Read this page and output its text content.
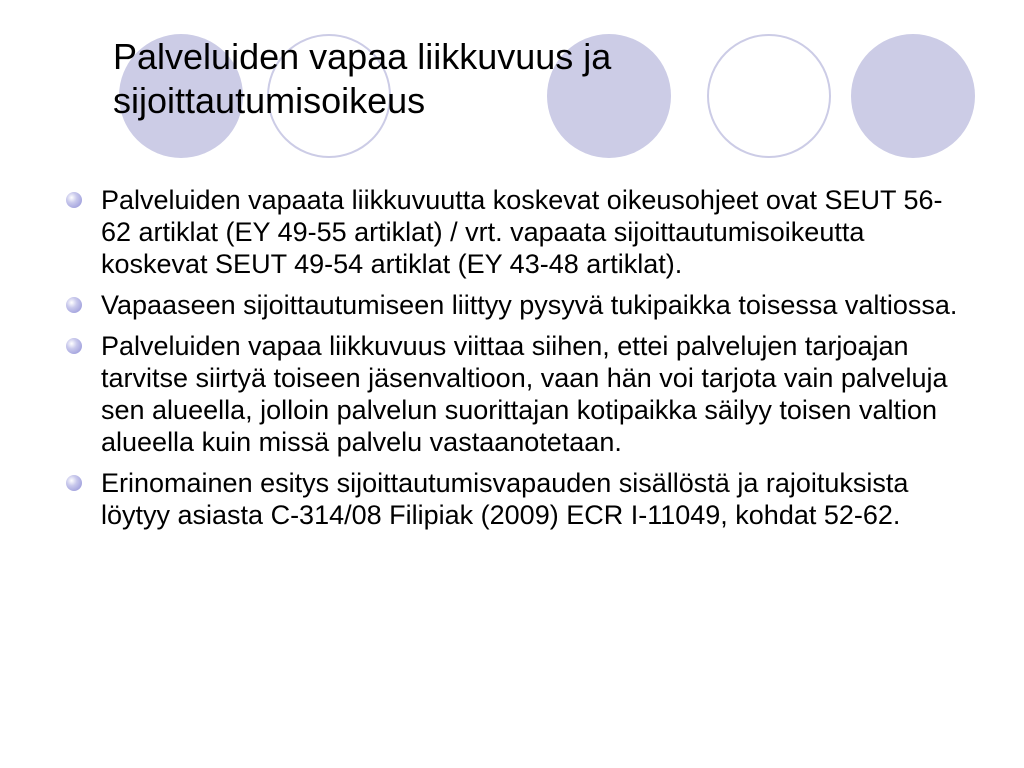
Palveluiden vapaa liikkuvuus ja sijoittautumisoikeus
Palveluiden vapaata liikkuvuutta koskevat oikeusohjeet ovat SEUT 56-62 artiklat (EY 49-55 artiklat) / vrt. vapaata sijoittautumisoikeutta koskevat SEUT 49-54 artiklat (EY 43-48 artiklat).
Vapaaseen sijoittautumiseen liittyy pysyvä tukipaikka toisessa valtiossa.
Palveluiden vapaa liikkuvuus viittaa siihen, ettei palvelujen tarjoajan tarvitse siirtyä toiseen jäsenvaltioon, vaan hän voi tarjota vain palveluja sen alueella, jolloin palvelun suorittajan kotipaikka säilyy toisen valtion alueella kuin missä palvelu vastaanotetaan.
Erinomainen esitys sijoittautumisvapauden sisällöstä ja rajoituksista löytyy asiasta C-314/08 Filipiak (2009) ECR I-11049, kohdat 52-62.
